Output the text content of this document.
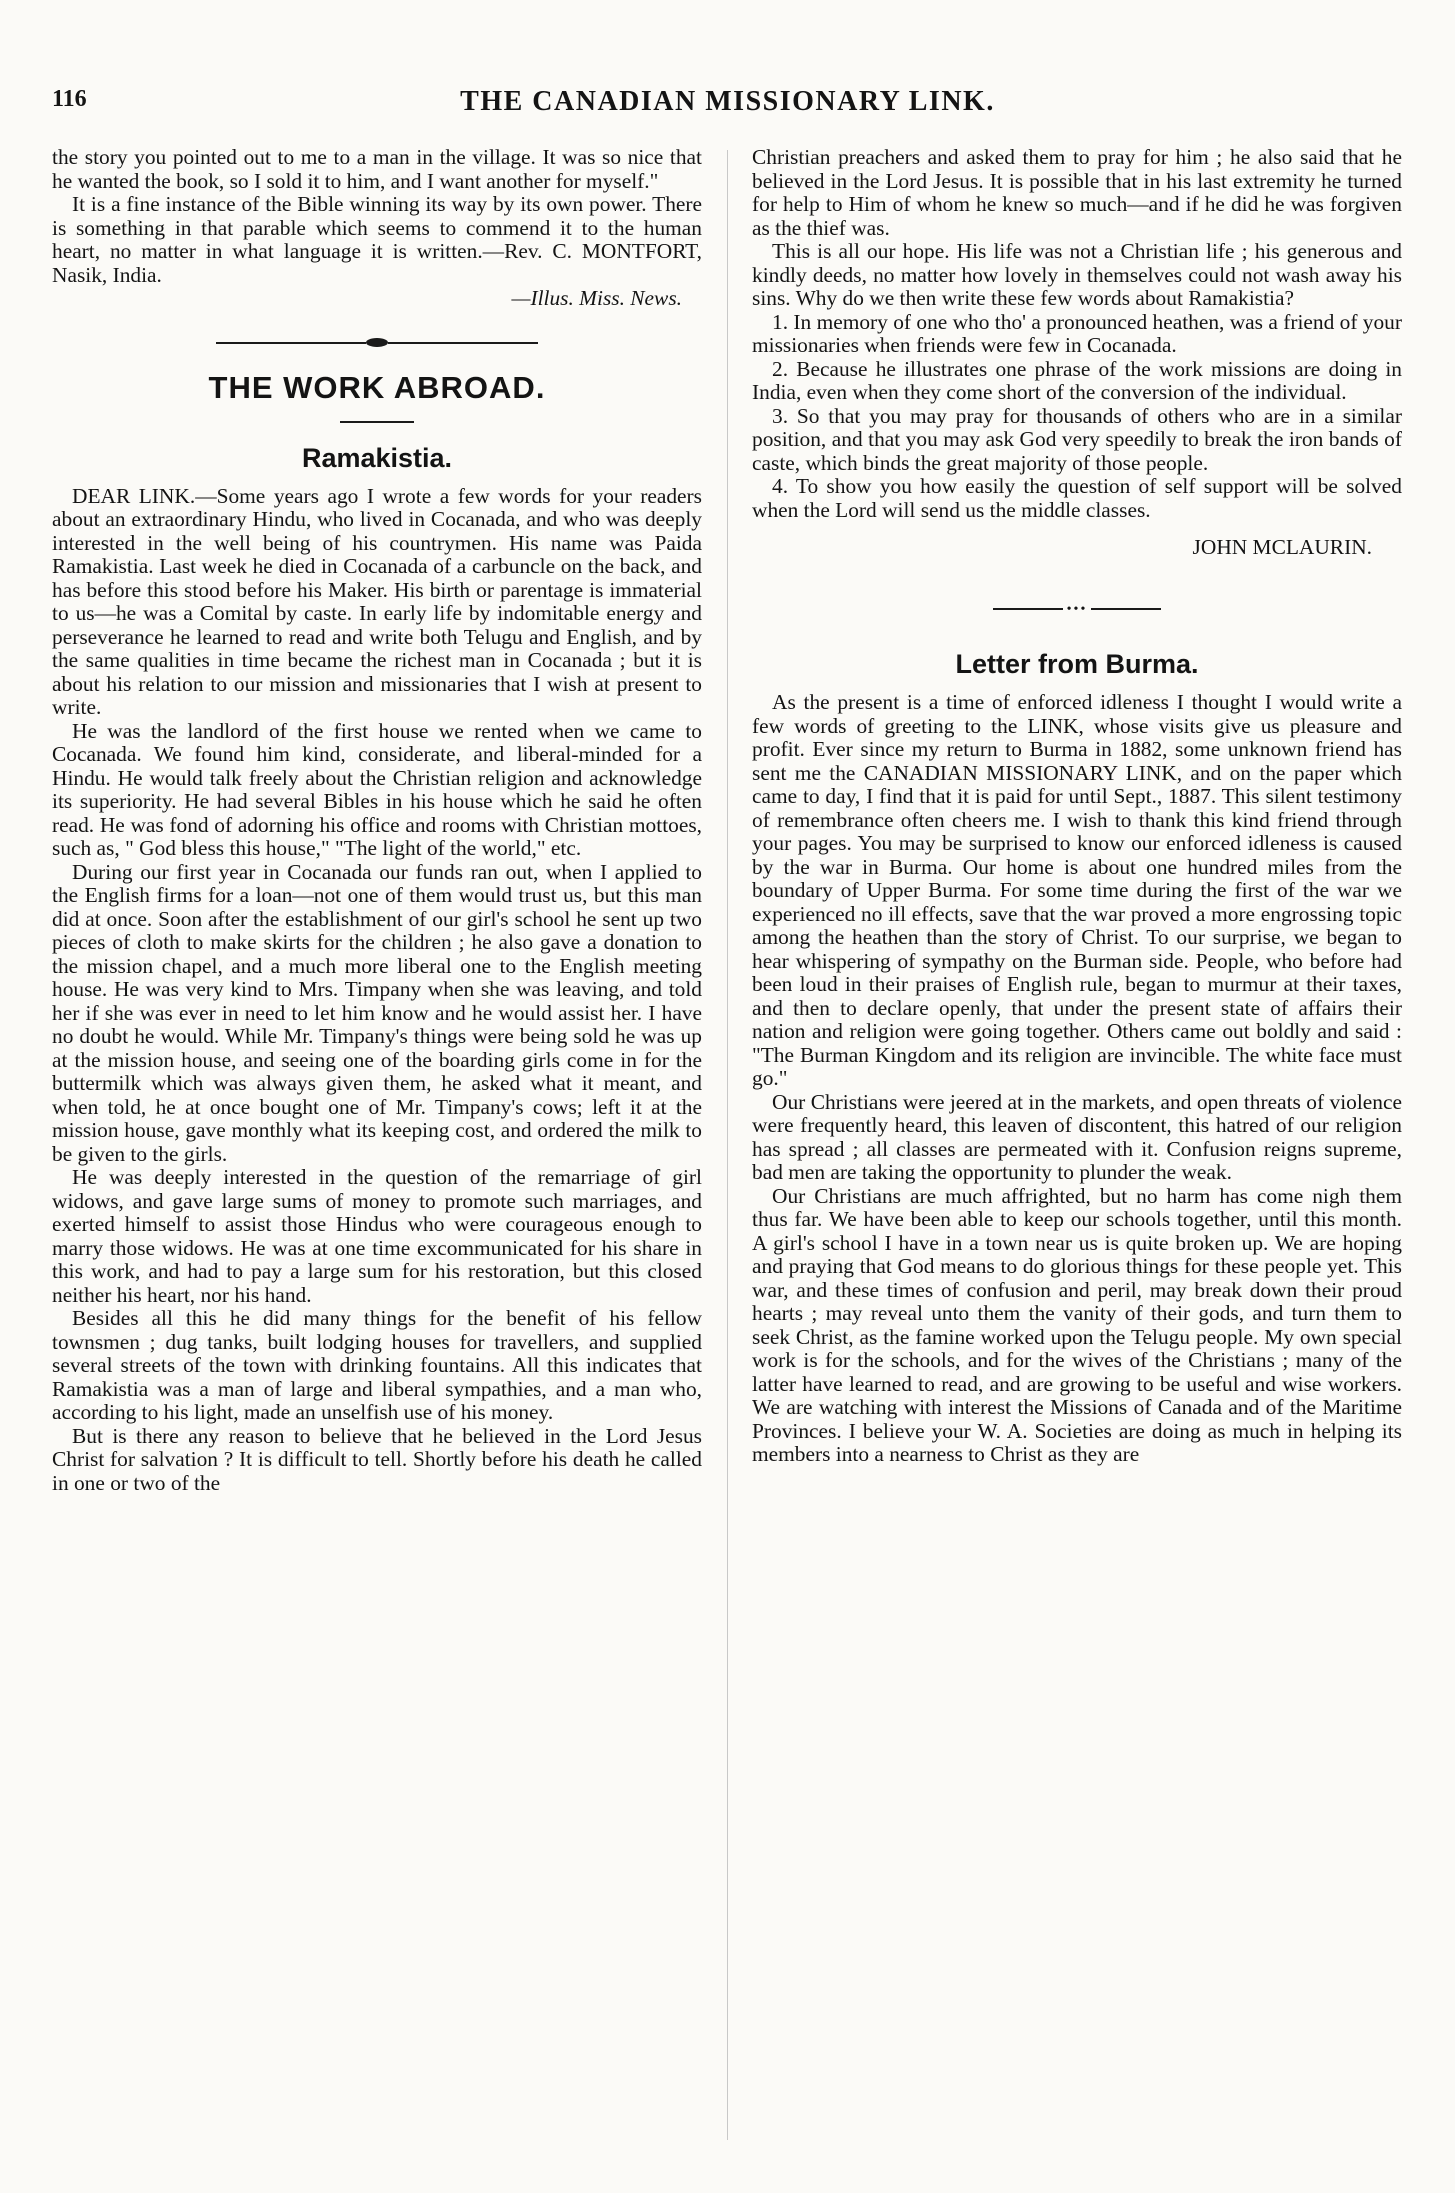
116	THE CANADIAN MISSIONARY LINK.

the story you pointed out to me to a man in the village. It was so nice that he wanted the book, so I sold it to him, and I want another for myself."

It is a fine instance of the Bible winning its way by its own power. There is something in that parable which seems to commend it to the human heart, no matter in what language it is written.—Rev. C. MONTFORT, Nasik, India.

—Illus. Miss. News.
THE WORK ABROAD.
Ramakistia.

DEAR LINK.—Some years ago I wrote a few words for your readers about an extraordinary Hindu, who lived in Cocanada, and who was deeply interested in the well being of his countrymen. His name was Paida Ramakistia. Last week he died in Cocanada of a carbuncle on the back, and has before this stood before his Maker. His birth or parentage is immaterial to us—he was a Comital by caste. In early life by indomitable energy and perseverance he learned to read and write both Telugu and English, and by the same qualities in time became the richest man in Cocanada ; but it is about his relation to our mission and missionaries that I wish at present to write.

He was the landlord of the first house we rented when we came to Cocanada. We found him kind, considerate, and liberal-minded for a Hindu. He would talk freely about the Christian religion and acknowledge its superiority. He had several Bibles in his house which he said he often read. He was fond of adorning his office and rooms with Christian mottoes, such as, " God bless this house," "The light of the world," etc.

During our first year in Cocanada our funds ran out, when I applied to the English firms for a loan—not one of them would trust us, but this man did at once. Soon after the establishment of our girl's school he sent up two pieces of cloth to make skirts for the children ; he also gave a donation to the mission chapel, and a much more liberal one to the English meeting house. He was very kind to Mrs. Timpany when she was leaving, and told her if she was ever in need to let him know and he would assist her. I have no doubt he would. While Mr. Timpany's things were being sold he was up at the mission house, and seeing one of the boarding girls come in for the buttermilk which was always given them, he asked what it meant, and when told, he at once bought one of Mr. Timpany's cows; left it at the mission house, gave monthly what its keeping cost, and ordered the milk to be given to the girls.

He was deeply interested in the question of the remarriage of girl widows, and gave large sums of money to promote such marriages, and exerted himself to assist those Hindus who were courageous enough to marry those widows. He was at one time excommunicated for his share in this work, and had to pay a large sum for his restoration, but this closed neither his heart, nor his hand.

Besides all this he did many things for the benefit of his fellow townsmen ; dug tanks, built lodging houses for travellers, and supplied several streets of the town with drinking fountains. All this indicates that Ramakistia was a man of large and liberal sympathies, and a man who, according to his light, made an unselfish use of his money.

But is there any reason to believe that he believed in the Lord Jesus Christ for salvation ? It is difficult to tell. Shortly before his death he called in one or two of the

Christian preachers and asked them to pray for him ; he also said that he believed in the Lord Jesus. It is possible that in his last extremity he turned for help to Him of whom he knew so much—and if he did he was forgiven as the thief was.

This is all our hope. His life was not a Christian life ; his generous and kindly deeds, no matter how lovely in themselves could not wash away his sins. Why do we then write these few words about Ramakistia?

1. In memory of one who tho' a pronounced heathen, was a friend of your missionaries when friends were few in Cocanada.

2. Because he illustrates one phrase of the work missions are doing in India, even when they come short of the conversion of the individual.

3. So that you may pray for thousands of others who are in a similar position, and that you may ask God very speedily to break the iron bands of caste, which binds the great majority of those people.

4. To show you how easily the question of self support will be solved when the Lord will send us the middle classes.

JOHN MCLAURIN.

•••
Letter from Burma.

As the present is a time of enforced idleness I thought I would write a few words of greeting to the LINK, whose visits give us pleasure and profit. Ever since my return to Burma in 1882, some unknown friend has sent me the CANADIAN MISSIONARY LINK, and on the paper which came to day, I find that it is paid for until Sept., 1887. This silent testimony of remembrance often cheers me. I wish to thank this kind friend through your pages. You may be surprised to know our enforced idleness is caused by the war in Burma. Our home is about one hundred miles from the boundary of Upper Burma. For some time during the first of the war we experienced no ill effects, save that the war proved a more engrossing topic among the heathen than the story of Christ. To our surprise, we began to hear whispering of sympathy on the Burman side. People, who before had been loud in their praises of English rule, began to murmur at their taxes, and then to declare openly, that under the present state of affairs their nation and religion were going together. Others came out boldly and said : "The Burman Kingdom and its religion are invincible. The white face must go."

Our Christians were jeered at in the markets, and open threats of violence were frequently heard, this leaven of discontent, this hatred of our religion has spread ; all classes are permeated with it. Confusion reigns supreme, bad men are taking the opportunity to plunder the weak.

Our Christians are much affrighted, but no harm has come nigh them thus far. We have been able to keep our schools together, until this month. A girl's school I have in a town near us is quite broken up. We are hoping and praying that God means to do glorious things for these people yet. This war, and these times of confusion and peril, may break down their proud hearts ; may reveal unto them the vanity of their gods, and turn them to seek Christ, as the famine worked upon the Telugu people. My own special work is for the schools, and for the wives of the Christians ; many of the latter have learned to read, and are growing to be useful and wise workers. We are watching with interest the Missions of Canada and of the Maritime Provinces. I believe your W. A. Societies are doing as much in helping its members into a nearness to Christ as they are
